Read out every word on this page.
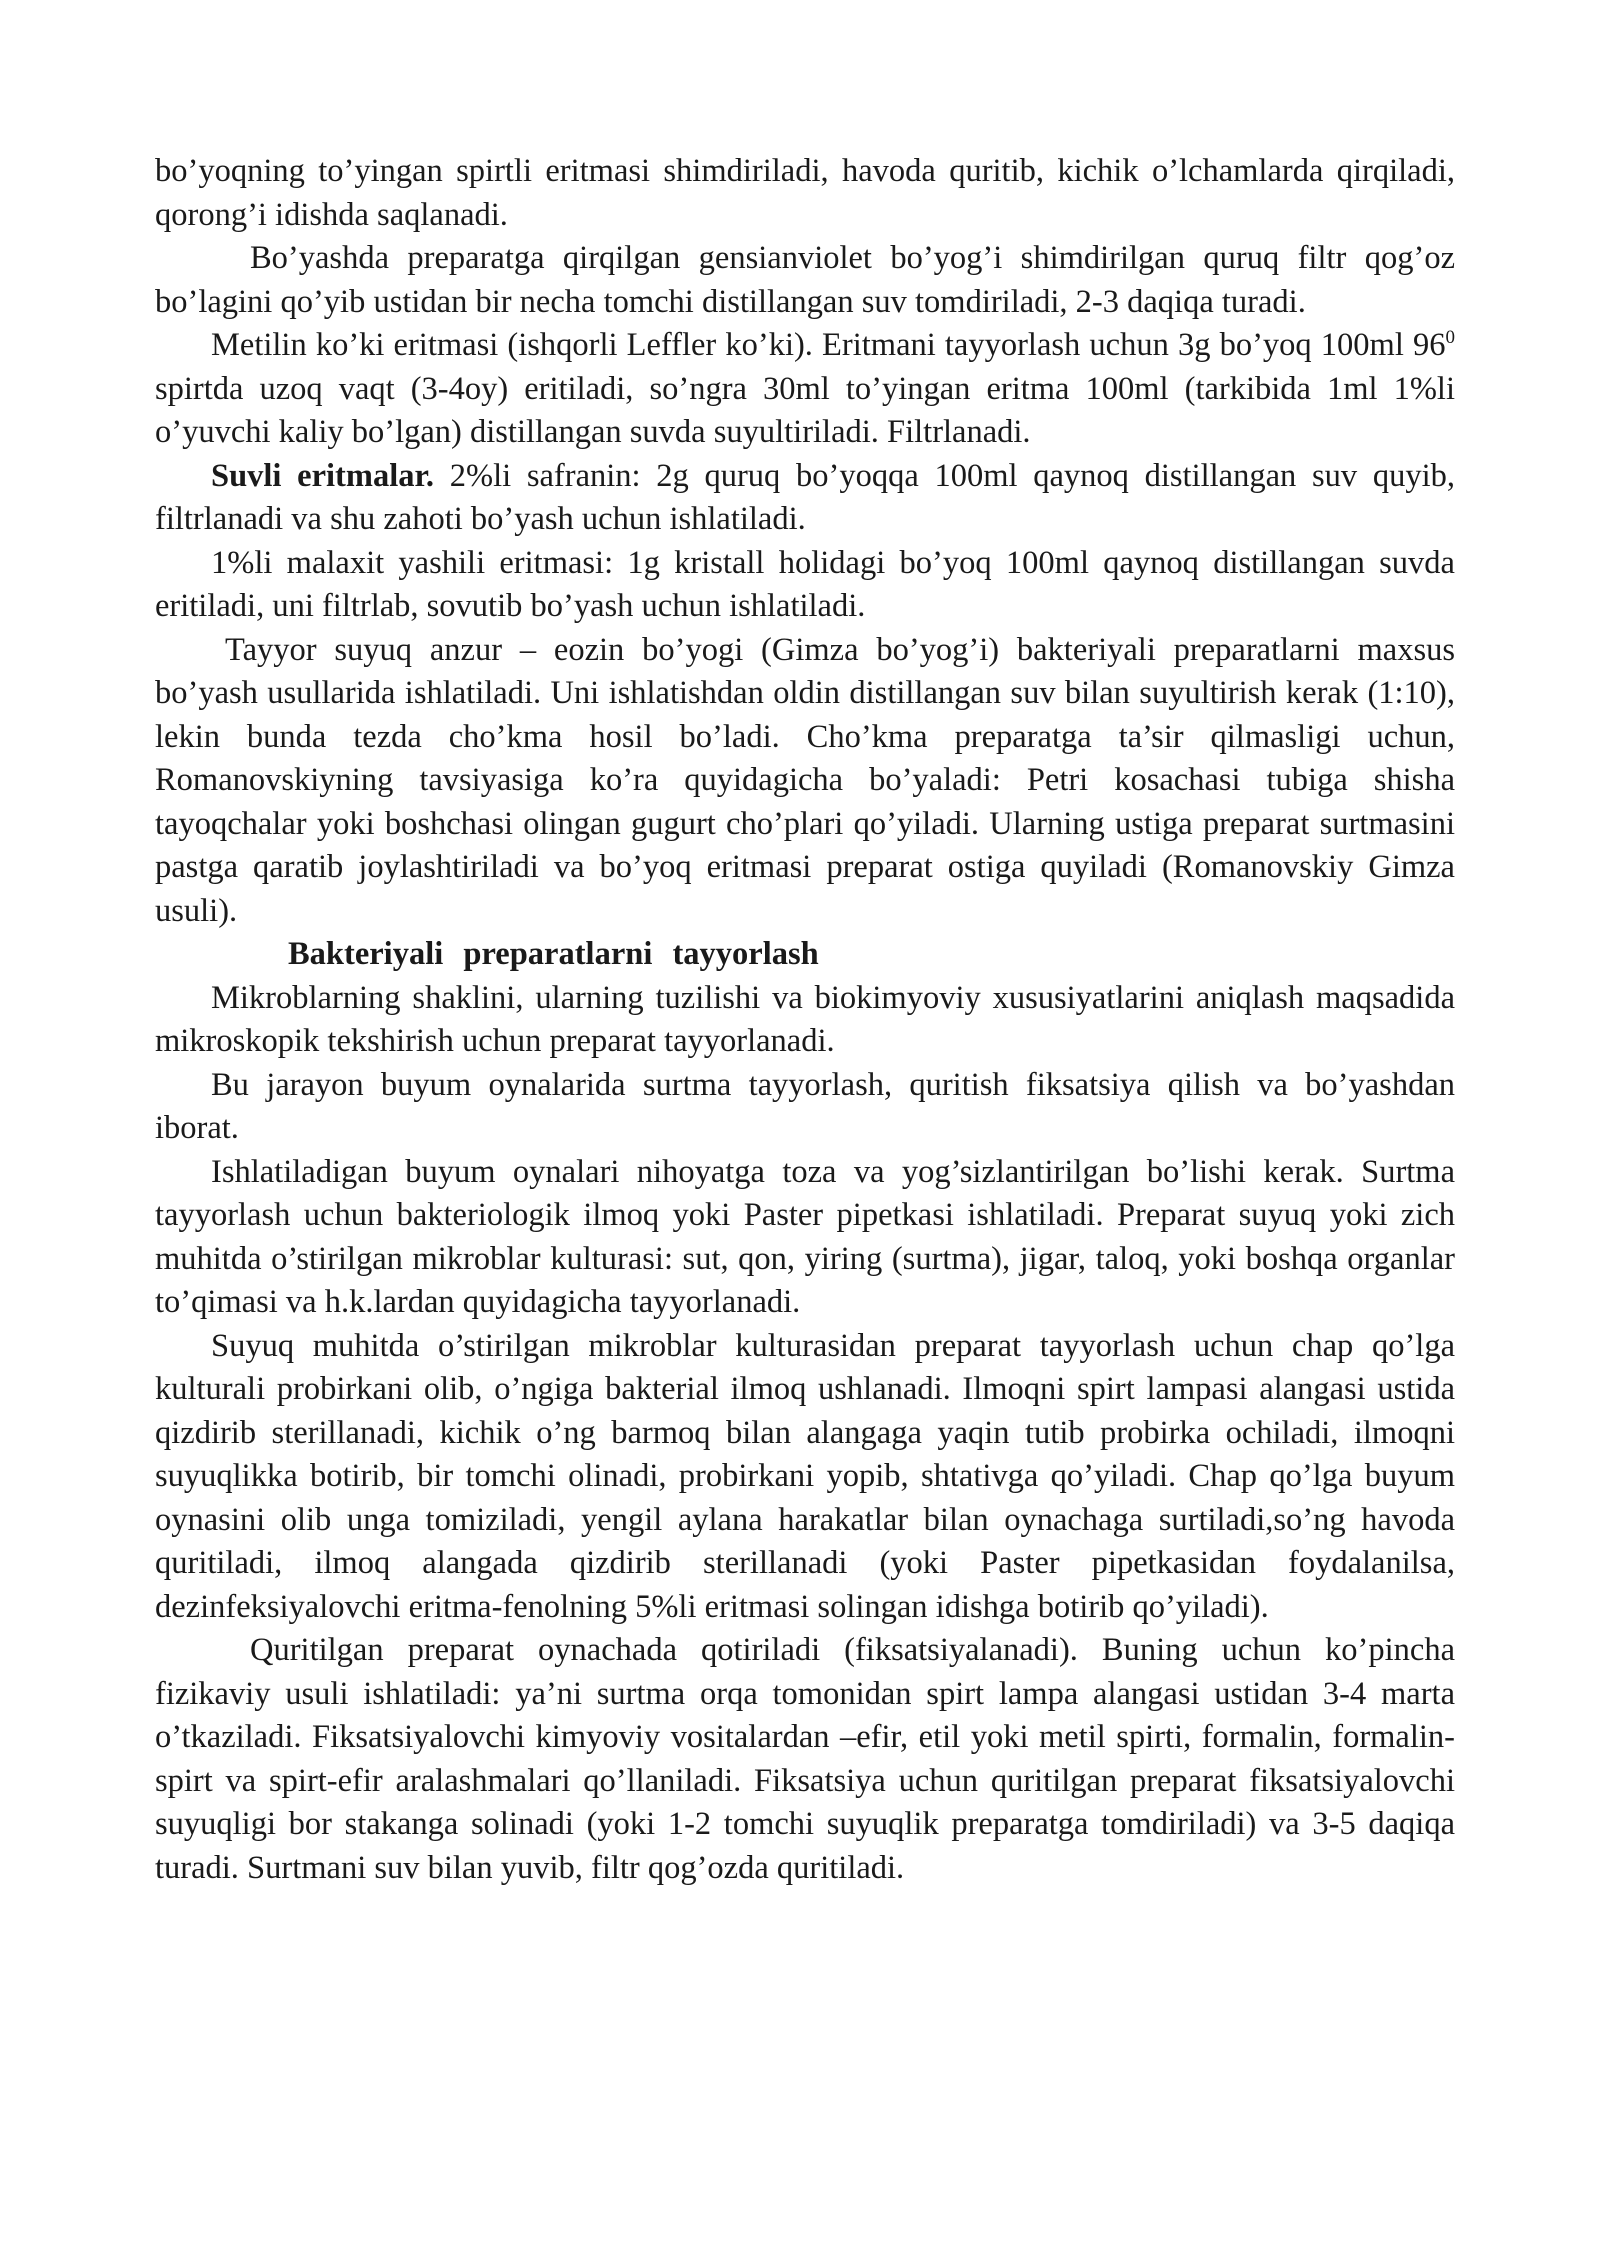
bo’yoqning to’yingan spirtli eritmasi shimdiriladi, havoda quritib, kichik o’lchamlarda qirqiladi, qorong’i idishda saqlanadi.

Bo’yashda preparatga qirqilgan gensianviolet bo’yog’i shimdirilgan quruq filtr qog’oz bo’lagini qo’yib ustidan bir necha tomchi distillangan suv tomdiriladi, 2-3 daqiqa turadi.

Metilin ko’ki eritmasi (ishqorli Leffler ko’ki). Eritmani tayyorlash uchun 3g bo’yoq 100ml $96^0$ spirtda uzoq vaqt (3-4oy) eritiladi, so’ngra 30ml to’yingan eritma 100ml (tarkibida 1ml 1%li o’yuvchi kaliy bo’lgan) distillangan suvda suyultiriladi. Filtrlanadi.

Suvli eritmalar. 2%li safranin: 2g quruq bo’yoqqa 100ml qaynoq distillangan suv quyib, filtrlanadi va shu zahoti bo’yash uchun ishlatiladi.

1%li malaxit yashili eritmasi: 1g kristall holidagi bo’yoq 100ml qaynoq distillangan suvda eritiladi, uni filtrlab, sovutib bo’yash uchun ishlatiladi.

Tayyor suyuq anzur – eozin bo’yogi (Gimza bo’yog’i) bakteriyali preparatlarni maxsus bo’yash usullarida ishlatiladi. Uni ishlatishdan oldin distillangan suv bilan suyultirish kerak (1:10), lekin bunda tezda cho’kma hosil bo’ladi. Cho’kma preparatga ta’sir qilmasligi uchun, Romanovskiyning tavsiyasiga ko’ra quyidagicha bo’yaladi: Petri kosachasi tubiga shisha tayoqchalar yoki boshchasi olingan gugurt cho’plari qo’yiladi. Ularning ustiga preparat surtmasini pastga qaratib joylashtiriladi va bo’yoq eritmasi preparat ostiga quyiladi (Romanovskiy Gimza usuli).

Bakteriyali preparatlarni tayyorlash

Mikroblarning shaklini, ularning tuzilishi va biokimyoviy xususiyatlarini aniqlash maqsadida mikroskopik tekshirish uchun preparat tayyorlanadi.

Bu jarayon buyum oynalarida surtma tayyorlash, quritish fiksatsiya qilish va bo’yashdan iborat.

Ishlatiladigan buyum oynalari nihoyatga toza va yog’sizlantirilgan bo’lishi kerak. Surtma tayyorlash uchun bakteriologik ilmoq yoki Paster pipetkasi ishlatiladi. Preparat suyuq yoki zich muhitda o’stirilgan mikroblar kulturasi: sut, qon, yiring (surtma), jigar, taloq, yoki boshqa organlar to’qimasi va h.k.lardan quyidagicha tayyorlanadi.

Suyuq muhitda o’stirilgan mikroblar kulturasidan preparat tayyorlash uchun chap qo’lga kulturali probirkani olib, o’ngiga bakterial ilmoq ushlanadi. Ilmoqni spirt lampasi alangasi ustida qizdirib sterillanadi, kichik o’ng barmoq bilan alangaga yaqin tutib probirka ochiladi, ilmoqni suyuqlikka botirib, bir tomchi olinadi, probirkani yopib, shtativga qo’yiladi. Chap qo’lga buyum oynasini olib unga tomiziladi, yengil aylana harakatlar bilan oynachaga surtiladi,so’ng havoda quritiladi, ilmoq alangada qizdirib sterillanadi (yoki Paster pipetkasidan foydalanilsa, dezinfeksiyalovchi eritma-fenolning 5%li eritmasi solingan idishga botirib qo’yiladi).

Quritilgan preparat oynachada qotiriladi (fiksatsiyalanadi). Buning uchun ko’pincha fizikaviy usuli ishlatiladi: ya’ni surtma orqa tomonidan spirt lampa alangasi ustidan 3-4 marta o’tkaziladi. Fiksatsiyalovchi kimyoviy vositalardan –efir, etil yoki metil spirti, formalin, formalin-spirt va spirt-efir aralashmalari qo’llaniladi. Fiksatsiya uchun quritilgan preparat fiksatsiyalovchi suyuqligi bor stakanga solinadi (yoki 1-2 tomchi suyuqlik preparatga tomdiriladi) va 3-5 daqiqa turadi. Surtmani suv bilan yuvib, filtr qog’ozda quritiladi.
